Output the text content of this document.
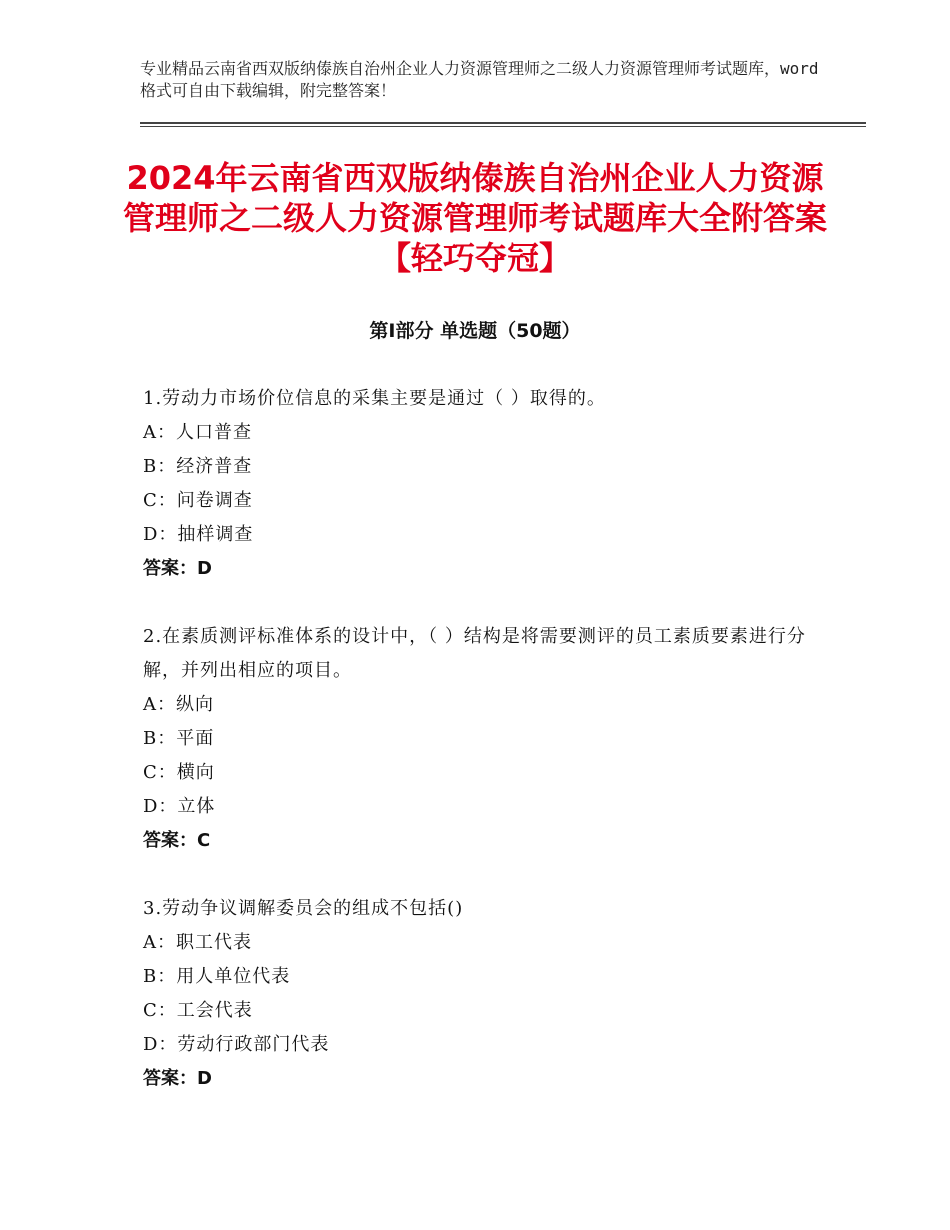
专业精品云南省西双版纳傣族自治州企业人力资源管理师之二级人力资源管理师考试题库，word格式可自由下载编辑，附完整答案！
2024年云南省西双版纳傣族自治州企业人力资源管理师之二级人力资源管理师考试题库大全附答案【轻巧夺冠】
第Ⅰ部分 单选题（50题）
1.劳动力市场价位信息的采集主要是通过（ ）取得的。
A：人口普查
B：经济普查
C：问卷调查
D：抽样调查
答案：D
2.在素质测评标准体系的设计中，（ ）结构是将需要测评的员工素质要素进行分解，并列出相应的项目。
A：纵向
B：平面
C：横向
D：立体
答案：C
3.劳动争议调解委员会的组成不包括()
A：职工代表
B：用人单位代表
C：工会代表
D：劳动行政部门代表
答案：D
